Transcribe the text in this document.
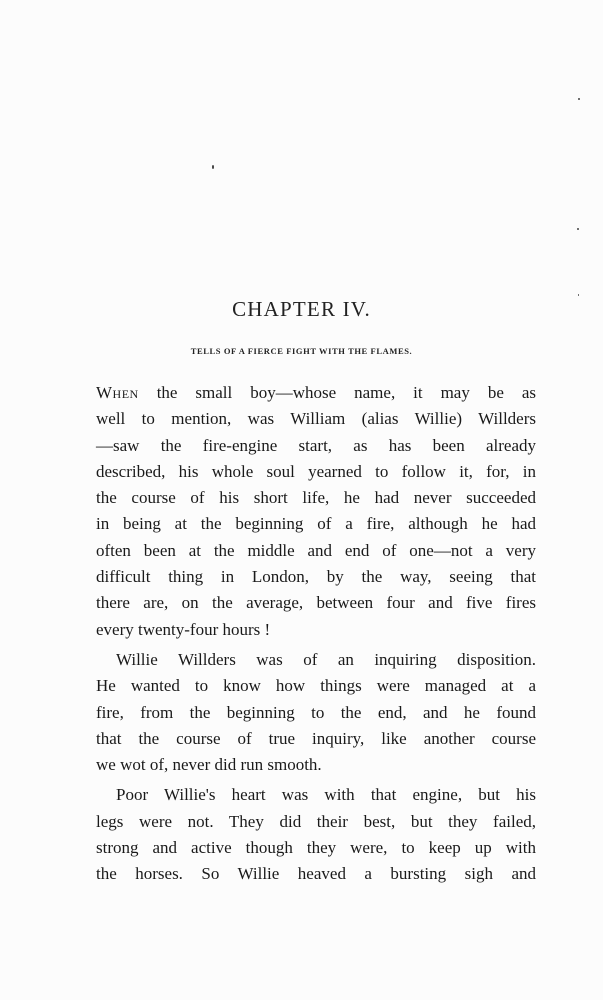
CHAPTER IV.
TELLS OF A FIERCE FIGHT WITH THE FLAMES.

When the small boy—whose name, it may be as

well to mention, was William (alias Willie) Willders

—saw the fire-engine start, as has been already

described, his whole soul yearned to follow it, for, in

the course of his short life, he had never succeeded

in being at the beginning of a fire, although he had

often been at the middle and end of one—not a very

difficult thing in London, by the way, seeing that

there are, on the average, between four and five fires

every twenty-four hours !

Willie Willders was of an inquiring disposition.

He wanted to know how things were managed at a

fire, from the beginning to the end, and he found

that the course of true inquiry, like another course

we wot of, never did run smooth.

Poor Willie's heart was with that engine, but his

legs were not. They did their best, but they failed,

strong and active though they were, to keep up with

the horses. So Willie heaved a bursting sigh and
